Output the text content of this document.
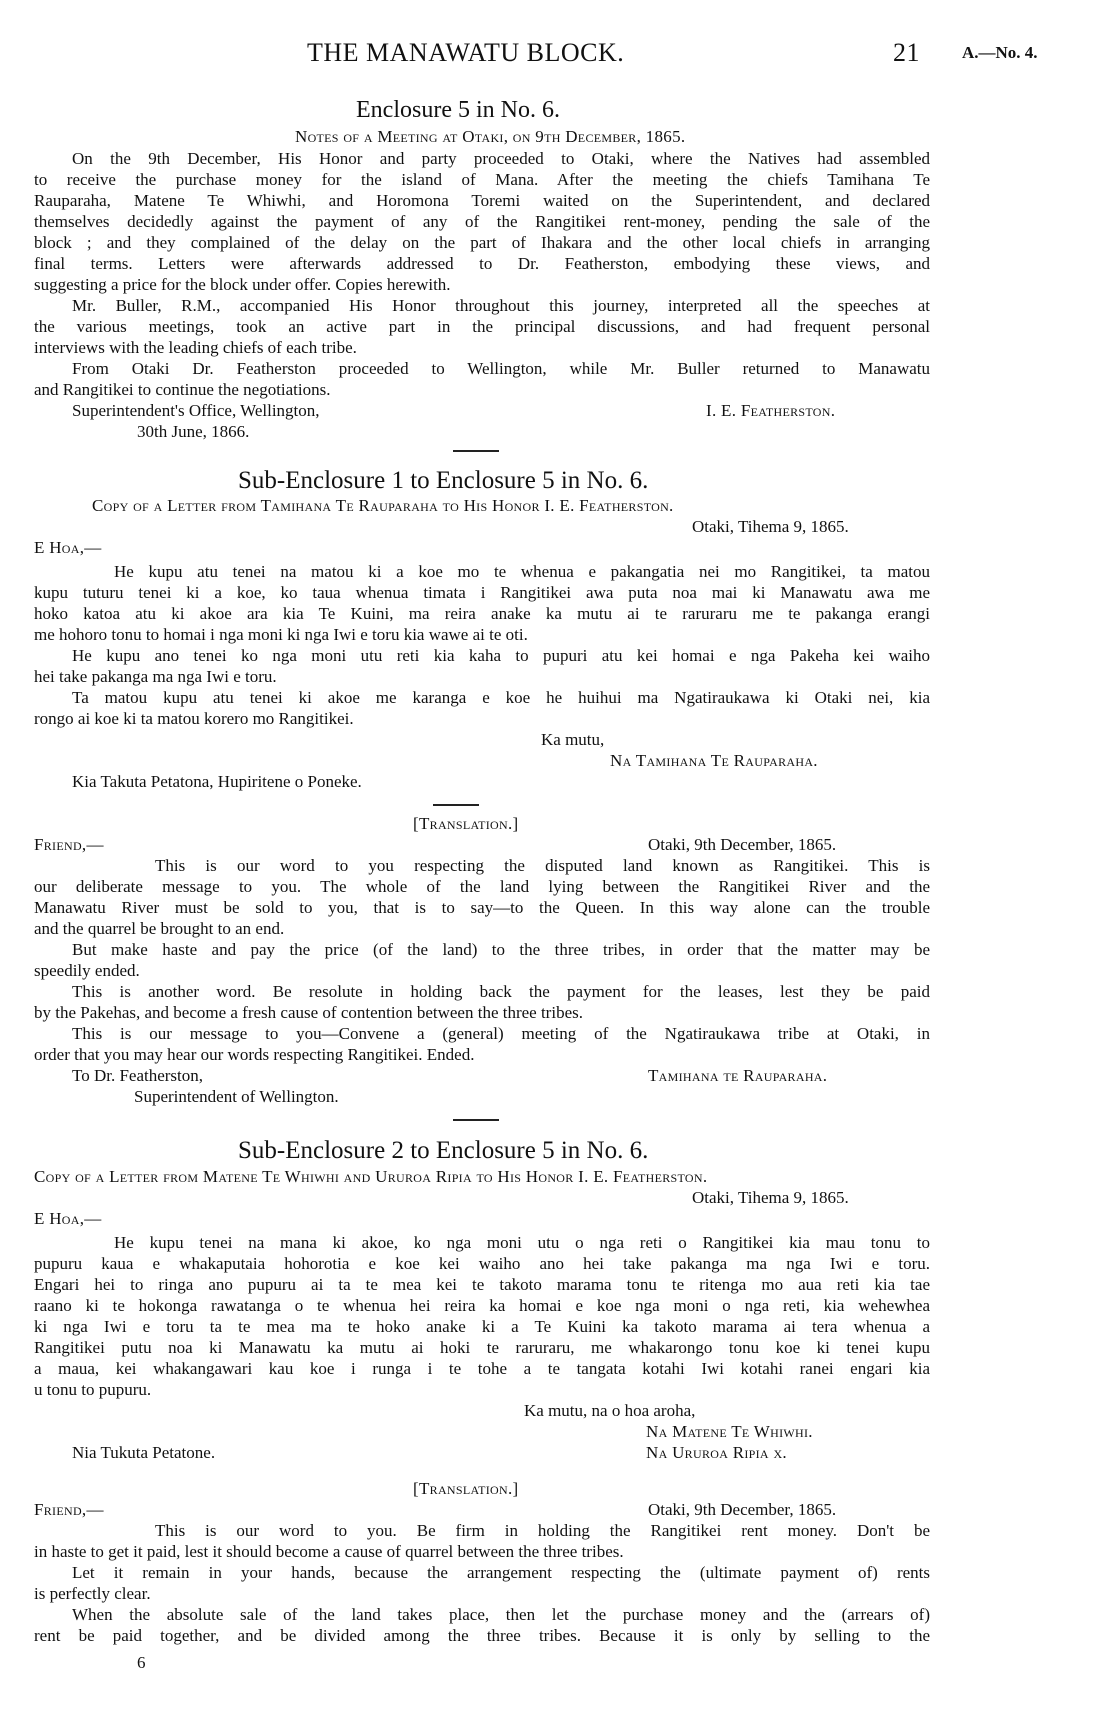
THE MANAWATU BLOCK.	21 A.—No. 4.
Enclosure 5 in No. 6.
Notes of a Meeting at Otaki, on 9th December, 1865.
On the 9th December, His Honor and party proceeded to Otaki, where the Natives had assembled
to receive the purchase money for the island of Mana. After the meeting the chiefs Tamihana Te
Rauparaha, Matene Te Whiwhi, and Horomona Toremi waited on the Superintendent, and declared
themselves decidedly against the payment of any of the Rangitikei rent-money, pending the sale of the
block ; and they complained of the delay on the part of Ihakara and the other local chiefs in arranging
final terms. Letters were afterwards addressed to Dr. Featherston, embodying these views, and
suggesting a price for the block under offer. Copies herewith.
Mr. Buller, R.M., accompanied His Honor throughout this journey, interpreted all the speeches at
the various meetings, took an active part in the principal discussions, and had frequent personal
interviews with the leading chiefs of each tribe.
From Otaki Dr. Featherston proceeded to Wellington, while Mr. Buller returned to Manawatu
and Rangitikei to continue the negotiations.
Superintendent's Office, Wellington,	I. E. Featherston.
30th June, 1866.
Sub-Enclosure 1 to Enclosure 5 in No. 6.
Copy of a Letter from Tamihana Te Rauparaha to His Honor I. E. Featherston.
Otaki, Tihema 9, 1865.
E Hoa,—
He kupu atu tenei na matou ki a koe mo te whenua e pakangatia nei mo Rangitikei, ta matou
kupu tuturu tenei ki a koe, ko taua whenua timata i Rangitikei awa puta noa mai ki Manawatu awa me
hoko katoa atu ki akoe ara kia Te Kuini, ma reira anake ka mutu ai te raruraru me te pakanga erangi
me hohoro tonu to homai i nga moni ki nga Iwi e toru kia wawe ai te oti.
He kupu ano tenei ko nga moni utu reti kia kaha to pupuri atu kei homai e nga Pakeha kei waiho
hei take pakanga ma nga Iwi e toru.
Ta matou kupu atu tenei ki akoe me karanga e koe he huihui ma Ngatiraukawa ki Otaki nei, kia
rongo ai koe ki ta matou korero mo Rangitikei.
Ka mutu,
Na Tamihana Te Rauparaha.
Kia Takuta Petatona, Hupiritene o Poneke.
[Translation.]
Friend,—	Otaki, 9th December, 1865.
This is our word to you respecting the disputed land known as Rangitikei. This is
our deliberate message to you. The whole of the land lying between the Rangitikei River and the
Manawatu River must be sold to you, that is to say—to the Queen. In this way alone can the trouble
and the quarrel be brought to an end.
But make haste and pay the price (of the land) to the three tribes, in order that the matter may be
speedily ended.
This is another word. Be resolute in holding back the payment for the leases, lest they be paid
by the Pakehas, and become a fresh cause of contention between the three tribes.
This is our message to you—Convene a (general) meeting of the Ngatiraukawa tribe at Otaki, in
order that you may hear our words respecting Rangitikei. Ended.
To Dr. Featherston,	Tamihana te Rauparaha.
Superintendent of Wellington.
Sub-Enclosure 2 to Enclosure 5 in No. 6.
Copy of a Letter from Matene Te Whiwhi and Ururoa Ripia to His Honor I. E. Featherston.
Otaki, Tihema 9, 1865.
E Hoa,—
He kupu tenei na mana ki akoe, ko nga moni utu o nga reti o Rangitikei kia mau tonu to
pupuru kaua e whakaputaia hohorotia e koe kei waiho ano hei take pakanga ma nga Iwi e toru.
Engari hei to ringa ano pupuru ai ta te mea kei te takoto marama tonu te ritenga mo aua reti kia tae
raano ki te hokonga rawatanga o te whenua hei reira ka homai e koe nga moni o nga reti, kia wehewhea
ki nga Iwi e toru ta te mea ma te hoko anake ki a Te Kuini ka takoto marama ai tera whenua a
Rangitikei putu noa ki Manawatu ka mutu ai hoki te raruraru, me whakarongo tonu koe ki tenei kupu
a maua, kei whakangawari kau koe i runga i te tohe a te tangata kotahi Iwi kotahi ranei engari kia
u tonu to pupuru.
Ka mutu, na o hoa aroha,
Na Matene Te Whiwhi.
Nia Tukuta Petatone.	Na Ururoa Ripia x.
[Translation.]
Friend,—	Otaki, 9th December, 1865.
This is our word to you. Be firm in holding the Rangitikei rent money. Don't be
in haste to get it paid, lest it should become a cause of quarrel between the three tribes.
Let it remain in your hands, because the arrangement respecting the (ultimate payment of) rents
is perfectly clear.
When the absolute sale of the land takes place, then let the purchase money and the (arrears of)
rent be paid together, and be divided among the three tribes. Because it is only by selling to the
6
